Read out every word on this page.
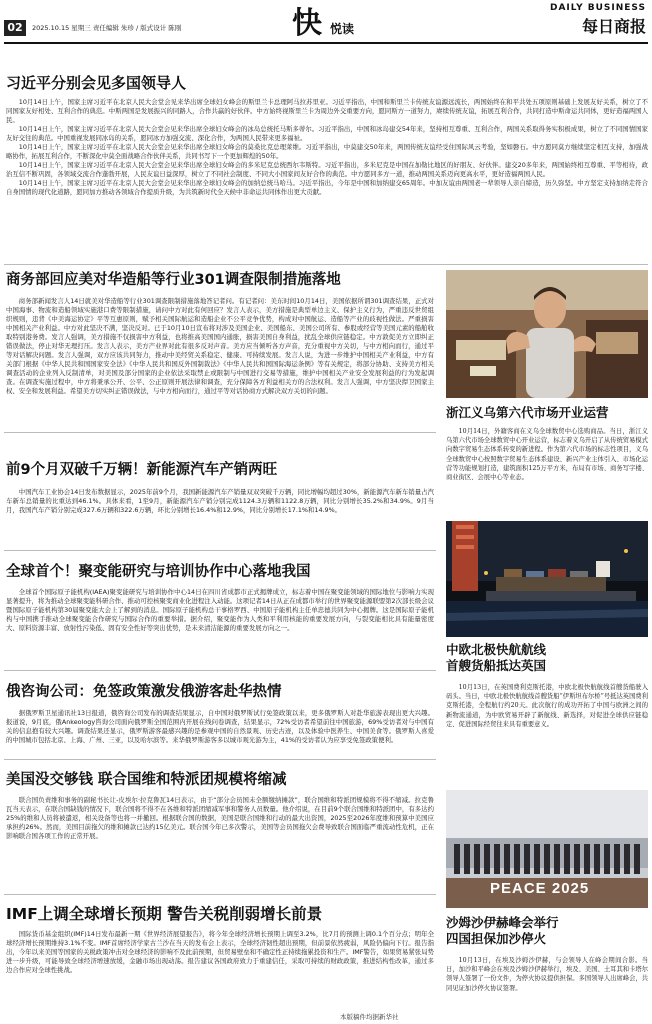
02	2025.10.15 星期三 责任编辑 朱珍 / 版式设计 陈刚	快 悦读
DAILY BUSINESS
每日商报
习近平分别会见多国领导人

10月14日上午，国家主席习近平在北京人民大会堂会见来华出席全球妇女峰会的斯里兰卡总理阿马拉苏里亚。习近平指出，中国和斯里兰卡传统友谊源远流长，两国始终在和平共处五项原则基础上发展友好关系，树立了不同国家友好相处、互利合作的典范。中斯两国是发展振兴的同路人，合作共赢的好伙伴。中方始终视斯里兰卡为周边外交重要方向，愿同斯方一道努力，赓续传统友谊，拓展互利合作，共同打造中斯命运共同体，更好造福两国人民。

10月14日上午，国家主席习近平在北京人民大会堂会见来华出席全球妇女峰会的冰岛总统托马斯多蒂尔。习近平指出，中国和冰岛建交54年来，坚持相互尊重、互利合作，两国关系取得务实积极成果，树立了不同国情国家友好交往的典范。中国重视发展同冰岛的关系，愿同冰方加强交流、深化合作，为两国人民带来更多福祉。

10月14日上午，国家主席习近平在北京人民大会堂会见来华出席全球妇女峰会的莫桑比克总理莱维。习近平指出，中莫建交50年来，两国传统友谊经受住国际风云考验，坚如磐石。中方愿同莫方继续坚定相互支持，加强战略协作，拓展互利合作，不断深化中莫全面战略合作伙伴关系，共同书写下一个更加辉煌的50年。

10月14日上午，国家主席习近平在北京人民大会堂会见来华出席全球妇女峰会的多米尼克总统西尔韦斯特。习近平指出，多米尼克是中国在加勒比地区的好朋友、好伙伴。建交20多年来，两国始终相互尊重、平等相待，政治互信不断巩固，各领域交流合作蓬勃开展，人民友谊日益深厚，树立了不同社会制度、不同大小国家间友好合作的典范。中方愿同多方一道，推动两国关系迈向更高水平，更好造福两国人民。

10月14日上午，国家主席习近平在北京人民大会堂会见来华出席全球妇女峰会的加纳总统马哈马。习近平指出，今年是中国和加纳建交65周年。中加友谊由两国老一辈领导人亲自缔造，历久弥坚。中方坚定支持加纳走符合自身国情的现代化道路，愿同加方推动各领域合作提质升级，为共筑新时代全天候中非命运共同体作出更大贡献。

商务部回应美对华造船等行业301调查限制措施落地

商务部新闻发言人14日就美对华造船等行业301调查限制措施落地答记者问。有记者问：美东时间10月14日，美国依据所谓301调查结果，正式对中国海事、物流和造船领域实施港口费等限制措施，请问中方对此有何回应？发言人表示，美方措施是典型单边主义、保护主义行为，严重违反世贸组织规则，违背《中美海运协定》平等互惠原则，赋予相关国际航运和造船企业不公平竞争优势，构成对中国航运、造船等产业的歧视性做法。严重损害中国相关产业利益。中方对此坚决不满，坚决反对。已于10月10日宣布将对涉及美国企业、美国船东、美国公司所有、参股或经营等美国元素的船舶收取特别港务费。发言人强调，美方措施不仅损害中方利益，也将推高美国国内通胀，损害美国自身利益，扰乱全球供应链稳定。中方敦促美方立即纠正错误做法，停止对华无理打压。发言人表示，美方产业界对此有很多反对声音。美方应当倾听各方声音，充分重视中方关切，与中方相向而行，通过平等对话解决问题。发言人强调，双方应该共同努力，推动中美经贸关系稳定、健康、可持续发展。发言人说，为进一步维护中国相关产业利益，中方有关部门根据《中华人民共和国国家安全法》《中华人民共和国反外国制裁法》《中华人民共和国国际海运条例》等有关规定，将部分协助、支持美方相关调查活动的企业列入反制清单，对美国及部分国家的企业依法采取禁止或限制与中国进行交易等措施，维护中国相关产业安全发展利益的行为发起调查。在调查实施过程中，中方将秉承公开、公平、公正原则开展法律和调查，充分保障各方利益相关方的合法权利。发言人强调，中方坚决捍卫国家主权、安全和发展利益。希望美方切实纠正错误做法，与中方相向而行，通过平等对话协商方式解决双方关切的问题。

前9个月双破千万辆！新能源汽车产销两旺

中国汽车工业协会14日发布数据显示，2025年前9个月，我国新能源汽车产销量双双突破千万辆，同比增幅均超过30%，新能源汽车新车销量占汽车新车总销量的比重达到46.1%。具体来看，1至9月，新能源汽车产销分别完成1124.3万辆和1122.8万辆，同比分别增长35.2%和34.9%。9月当月，我国汽车产销分别完成327.6万辆和322.6万辆，环比分别增长16.4%和12.9%，同比分别增长17.1%和14.9%。

全球首个！聚变能研究与培训协作中心落地我国

全球首个国际原子能机构(IAEA)聚变能研究与培训协作中心14日在四川省成都市正式揭牌成立，标志着中国在聚变能领域的国际地位与影响力实现显著提升，将为推动全球聚变能科研合作、推动可控核聚变商业化进程注入动能。这项记者14日从正在成都市举行的世界聚变能源联盟第2次部长级会议暨国际原子能机构第30届聚变能大会上了解到的消息。国际原子能机构总干事格罗西、中国原子能机构主任单忠德共同为中心揭牌。这是国际原子能机构与中国携手推动全球聚变能合作研究与国际合作的重要举措。据介绍，聚变能作为人类和平利用核能的重要发展方向，与裂变能相比具有能量密度大、原料资源丰富、放射性污染低、固有安全性好等突出优势，是未来清洁能源的重要发展方向之一。

俄咨询公司：免签政策激发俄游客赴华热情

据俄罗斯卫星通讯社13日报道，俄咨询公司发布的调查结果显示，自中国对俄罗斯试行免签政策以来，更多俄罗斯人对赴华旅游表现出更大兴趣。报道说，9月底，俄Ankeology咨询公司面向俄罗斯全国范围内开展在线问卷调查，结果显示，72%受访者希望前往中国旅游，69%受访者对与中国有关的信息抱有较大兴趣。调查结果还显示，俄罗斯游客最感兴趣的是参观中国的自然景观、历史古迹，以及体验中医养生、中国美食等。俄罗斯人喜爱的中国城市包括北京、上海、广州、三亚，以及哈尔滨等。来华俄罗斯游客多以城市观光游为主，41%的受访者认为应享受免签政策便利。

美国没交够钱 联合国维和特派团规模将缩减

联合国负责维和事务的副秘书长让-皮埃尔·拉克鲁瓦14日表示，由于“部分会员国未全额缴纳摊款”，联合国维和特派团规模将不得不缩减。拉克鲁瓦当天表示，在联合国缺钱的情况下，联合国将不得不在各维和特派团缩减军事和警务人员数量。他介绍说，在目前9个联合国维和特派团中，有多达约25%的维和人员将被遣返，相关设备等也将一并撤回。根据联合国的数据，美国是联合国维和行动的最大出资国，2025至2026年度维和预算中美国应承担约26%。然而，美国目前拖欠的维和摊款已达约15亿美元。联合国今年已多次警示，美国等会员国拖欠会费导致联合国面临严重流动性危机，正在影响联合国各项工作的正常开展。

IMF上调全球增长预期 警告关税削弱增长前景

国际货币基金组织(IMF)14日发布最新一期《世界经济展望报告》，将今年全球经济增长预期上调至3.2%，比7月的预测上调0.1个百分点；明年全球经济增长预期维持3.1%不变。IMF首席经济学家古兰沙在当天的发布会上表示，全球经济韧性超出预期，但前景依然疲弱，风险仍偏向下行。报告指出，今年以来美国等国家的关税政策冲击对全球经济的影响不及此前预期，但贸易壁垒和不确定性正持续拖累投资和生产。IMF警告，如果贸易紧张局势进一步升级，可能导致全球经济增速放缓，金融市场出现动荡。报告建议各国政府致力于重建信任，采取可持续的财政政策，推进结构性改革，通过多边合作应对全球性挑战。

浙江义乌第六代市场开业运营

10月14日，外籍客商在义乌全球数贸中心选购商品。当日，浙江义乌第六代市场全球数贸中心开业运营，标志着义乌开启了从传统贸易模式向数字贸易生态体系转变的新进程。作为第六代市场的标志性项目，义乌全球数贸中心按照数字贸易生态体系建设、新兴产业主体引入、市场化运营等功能规划打造，建筑面积125万平方米，布局有市场、商务写字楼、商业街区、会展中心等业态。

中欧北极快航航线
首艘货船抵达英国

10月13日，在英国费利克斯托港，中欧北极快航航线首艘货船驶入码头。当日，中欧北极快航航线首艘货船“伊斯坦布尔桥”号抵达英国费利克斯托港，全程航行约20天。此次航行的成功开拓了中国与欧洲之间的新物流通道，为中欧贸易开辟了新航线、新选择，对促进全球供应链稳定、促进国际经贸往来具有重要意义。

PEACE 2025
沙姆沙伊赫峰会举行
四国担保加沙停火

10月13日，在埃及沙姆沙伊赫，与会领导人在峰会期间合影。当日，加沙和平峰会在埃及沙姆沙伊赫举行，埃及、美国、土耳其和卡塔尔领导人签署了一份文件，为停火协议提供担保。多国领导人出席峰会，共同见证加沙停火协议签署。

本版稿件均据新华社
